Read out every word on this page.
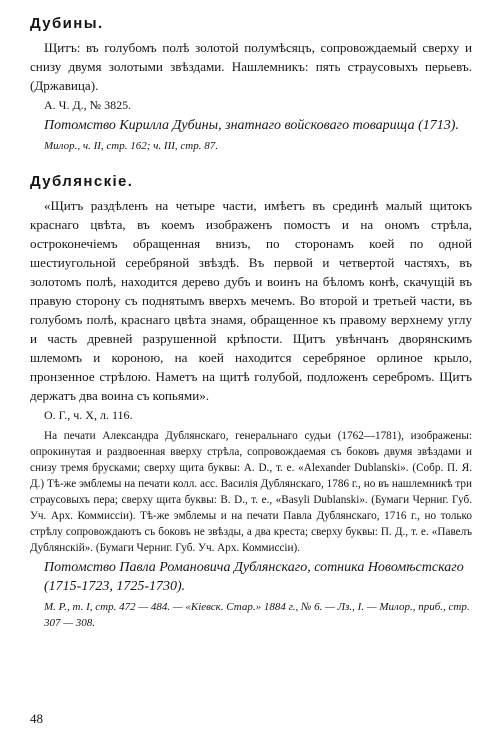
Дубины.

Щитъ: въ голубомъ полѣ золотой полумѣсяцъ, сопровождаемый сверху и снизу двумя золотыми звѣздами. Нашлемникъ: пять страусовыхъ перьевъ. (Државица).

А. Ч. Д., № 3825.
Потомство Кирилла Дубины, знатнаго войсковаго товарища (1713).
Милор., ч. II, стр. 162; ч. III, стр. 87.
Дублянскіе.

«Щитъ раздѣленъ на четыре части, имѣетъ въ срединѣ малый щитокъ краснаго цвѣта, въ коемъ изображенъ помостъ и на ономъ стрѣла, остроконечіемъ обращенная внизъ, по сторонамъ коей по одной шестиугольной серебряной звѣздѣ. Въ первой и четвертой частяхъ, въ золотомъ полѣ, находится дерево дубъ и воинъ на бѣломъ конѣ, скачущій въ правую сторону съ поднятымъ вверхъ мечемъ. Во второй и третьей части, въ голубомъ полѣ, краснаго цвѣта знамя, обращенное къ правому верхнему углу и часть древней разрушенной крѣпости. Щитъ увѣнчанъ дворянскимъ шлемомъ и короною, на коей находится серебряное орлиное крыло, пронзенное стрѣлою. Наметъ на щитѣ голубой, подложенъ серебромъ. Щитъ держатъ два воина съ копьями».

О. Г., ч. X, л. 116.

На печати Александра Дублянскаго, генеральнаго судьи (1762—1781), изображены: опрокинутая и раздвоенная вверху стрѣла, сопровождаемая съ боковъ двумя звѣздами и снизу тремя брусками; сверху щита буквы: A. D., т. е. «Alexander Dublanski». (Собр. П. Я. Д.) Тѣ-же эмблемы на печати колл. асс. Василія Дублянскаго, 1786 г., но въ нашлемникѣ три страусовыхъ пера; сверху щита буквы: B. D., т. е., «Basyli Dublanski». (Бумаги Черниг. Губ. Уч. Арх. Коммиссіи). Тѣ-же эмблемы и на печати Павла Дублянскаго, 1716 г., но только стрѣлу сопровождаютъ съ боковъ не звѣзды, а два креста; сверху буквы: П. Д., т. е. «Павелъ Дублянскій». (Бумаги Черниг. Губ. Уч. Арх. Коммиссіи).

Потомство Павла Романовича Дублянскаго, сотника Новомѣстскаго (1715-1723, 1725-1730).
М. Р., т. I, стр. 472 — 484. — «Кіевск. Стар.» 1884 г., № 6. — Лз., I. — Милор., приб., стр. 307 — 308.
48
